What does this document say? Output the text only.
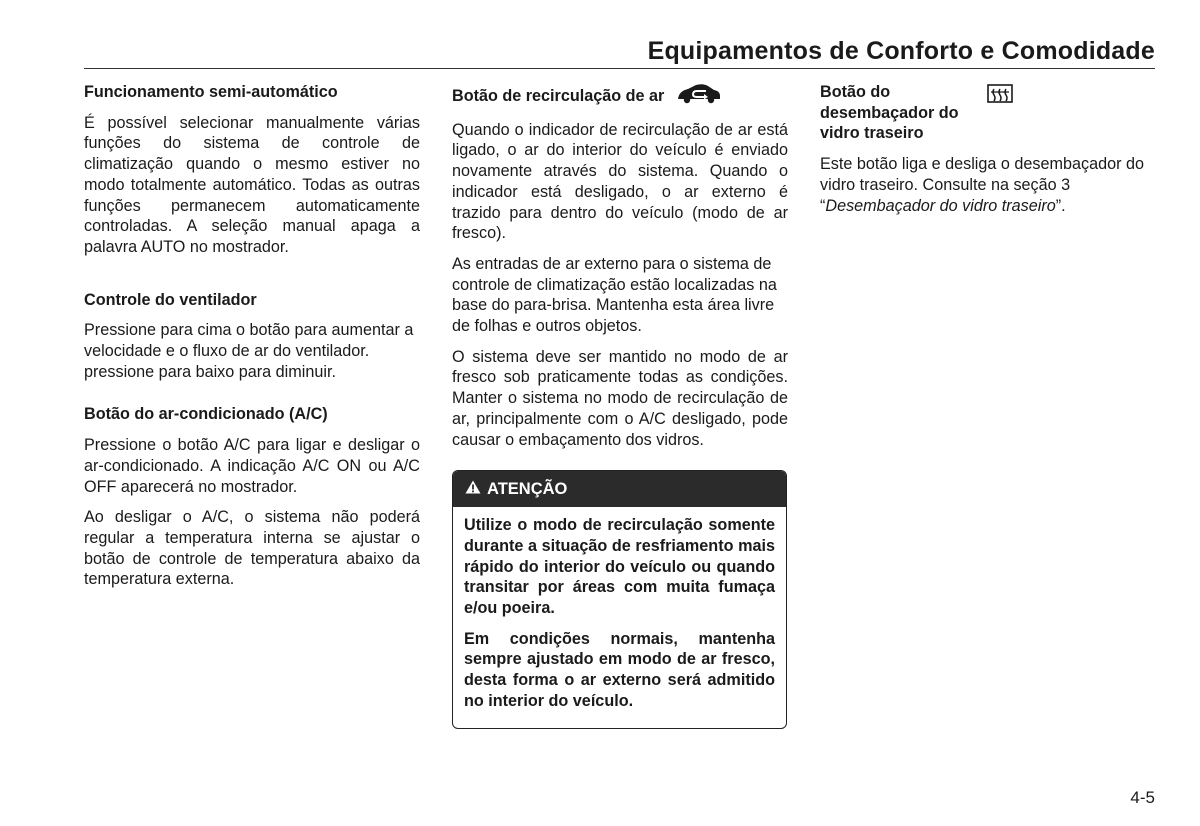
Equipamentos de Conforto e Comodidade
Funcionamento semi-automático

É possível selecionar manualmente várias funções do sistema de controle de climatização quando o mesmo estiver no modo totalmente automático. Todas as outras funções permanecem automaticamente controladas. A seleção manual apaga a palavra AUTO no mostrador.

Controle do ventilador

Pressione para cima o botão para aumentar a velocidade e o fluxo de ar do ventilador. pressione para baixo para diminuir.

Botão do ar-condicionado (A/C)

Pressione o botão A/C para ligar e desligar o ar-condicionado. A indicação A/C ON ou A/C OFF aparecerá no mostrador.

Ao desligar o A/C, o sistema não poderá regular a temperatura interna se ajustar o botão de controle de temperatura abaixo da temperatura externa.

Botão de recirculação de ar

Quando o indicador de recirculação de ar está ligado, o ar do interior do veículo é enviado novamente através do sistema. Quando o indicador está desligado, o ar externo é trazido para dentro do veículo (modo de ar fresco).

As entradas de ar externo para o sistema de controle de climatização estão localizadas na base do para-brisa. Mantenha esta área livre de folhas e outros objetos.

O sistema deve ser mantido no modo de ar fresco sob praticamente todas as condições. Manter o sistema no modo de recirculação de ar, principalmente com o A/C desligado, pode causar o embaçamento dos vidros.

ATENÇÃO

Utilize o modo de recirculação somente durante a situação de resfriamento mais rápido do interior do veículo ou quando transitar por áreas com muita fumaça e/ou poeira.

Em condições normais, mantenha sempre ajustado em modo de ar fresco, desta forma o ar externo será admitido no interior do veículo.

Botão do desembaçador do vidro traseiro

Este botão liga e desliga o desembaçador do vidro traseiro. Consulte na seção 3 “Desembaçador do vidro traseiro”.

4-5
